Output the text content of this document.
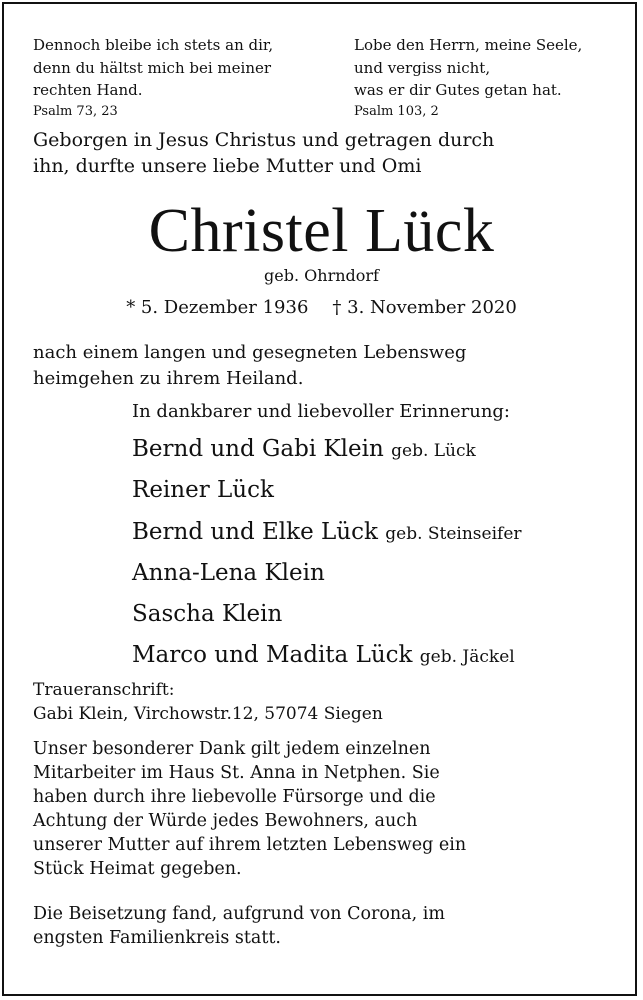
Dennoch bleibe ich stets an dir,
denn du hältst mich bei meiner
rechten Hand.
Psalm 73, 23
Lobe den Herrn, meine Seele,
und vergiss nicht,
was er dir Gutes getan hat.
Psalm 103, 2
Geborgen in Jesus Christus und getragen durch
ihn, durfte unsere liebe Mutter und Omi
Christel Lück
geb. Ohrndorf
* 5. Dezember 1936 † 3. November 2020
nach einem langen und gesegneten Lebensweg
heimgehen zu ihrem Heiland.
In dankbarer und liebevoller Erinnerung:
Bernd und Gabi Klein geb. Lück
Reiner Lück
Bernd und Elke Lück geb. Steinseifer
Anna-Lena Klein
Sascha Klein
Marco und Madita Lück geb. Jäckel
Traueranschrift:
Gabi Klein, Virchowstr.12, 57074 Siegen
Unser besonderer Dank gilt jedem einzelnen
Mitarbeiter im Haus St. Anna in Netphen. Sie
haben durch ihre liebevolle Fürsorge und die
Achtung der Würde jedes Bewohners, auch
unserer Mutter auf ihrem letzten Lebensweg ein
Stück Heimat gegeben.
Die Beisetzung fand, aufgrund von Corona, im
engsten Familienkreis statt.
